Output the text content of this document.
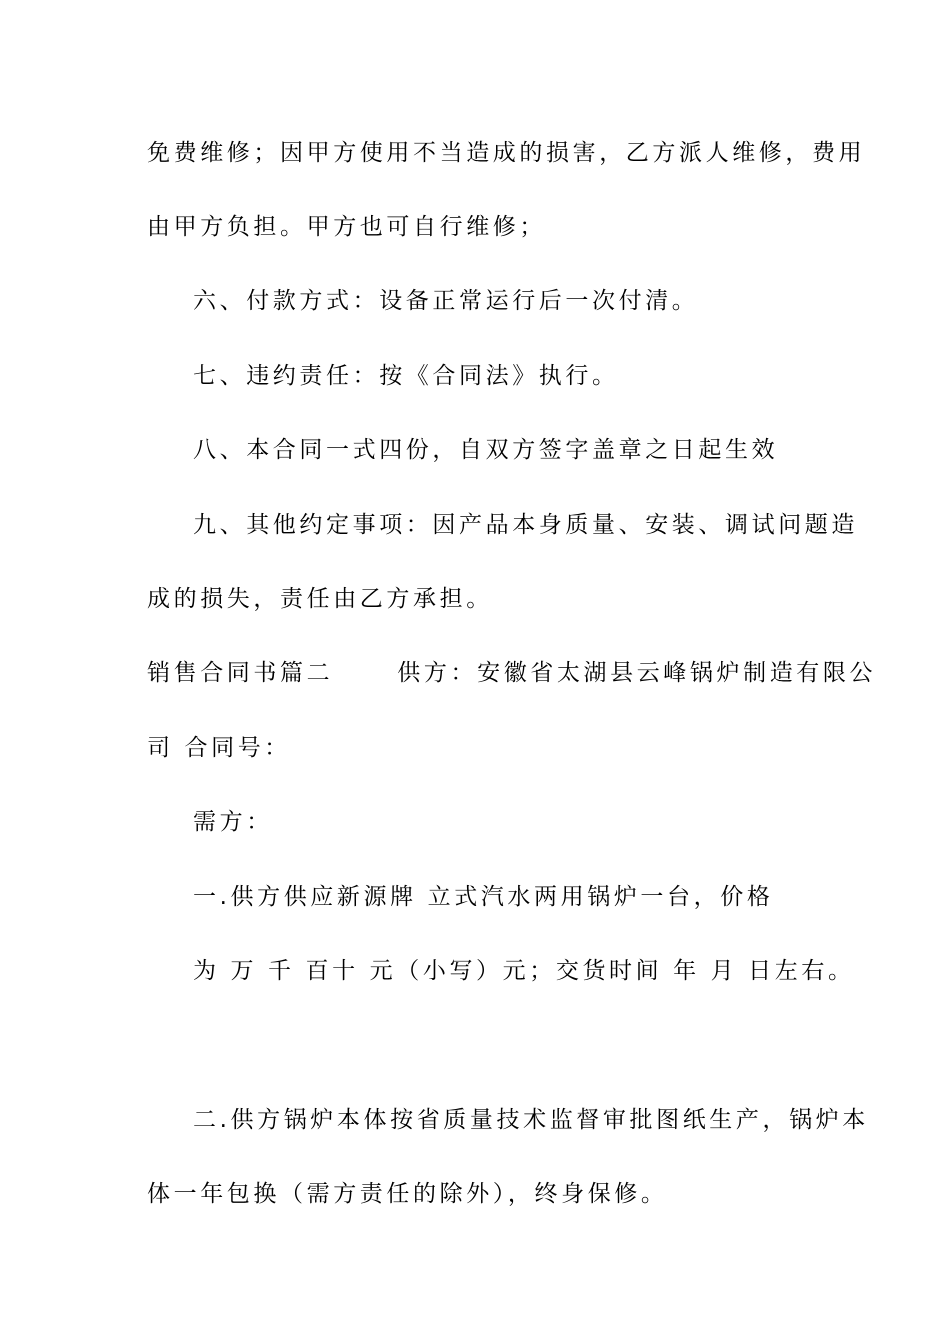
免费维修；因甲方使用不当造成的损害，乙方派人维修，费用
由甲方负担。甲方也可自行维修；
六、付款方式：设备正常运行后一次付清。
七、违约责任：按《合同法》执行。
八、本合同一式四份，自双方签字盖章之日起生效
九、其他约定事项：因产品本身质量、安装、调试问题造
成的损失，责任由乙方承担。
销售合同书篇二　　 供方：安徽省太湖县云峰锅炉制造有限公
司 合同号：
需方：
一.供方供应新源牌 立式汽水两用锅炉一台，价格
为 万 千 百十 元（小写）元；交货时间 年 月 日左右。
二.供方锅炉本体按省质量技术监督审批图纸生产，锅炉本
体一年包换（需方责任的除外），终身保修。
